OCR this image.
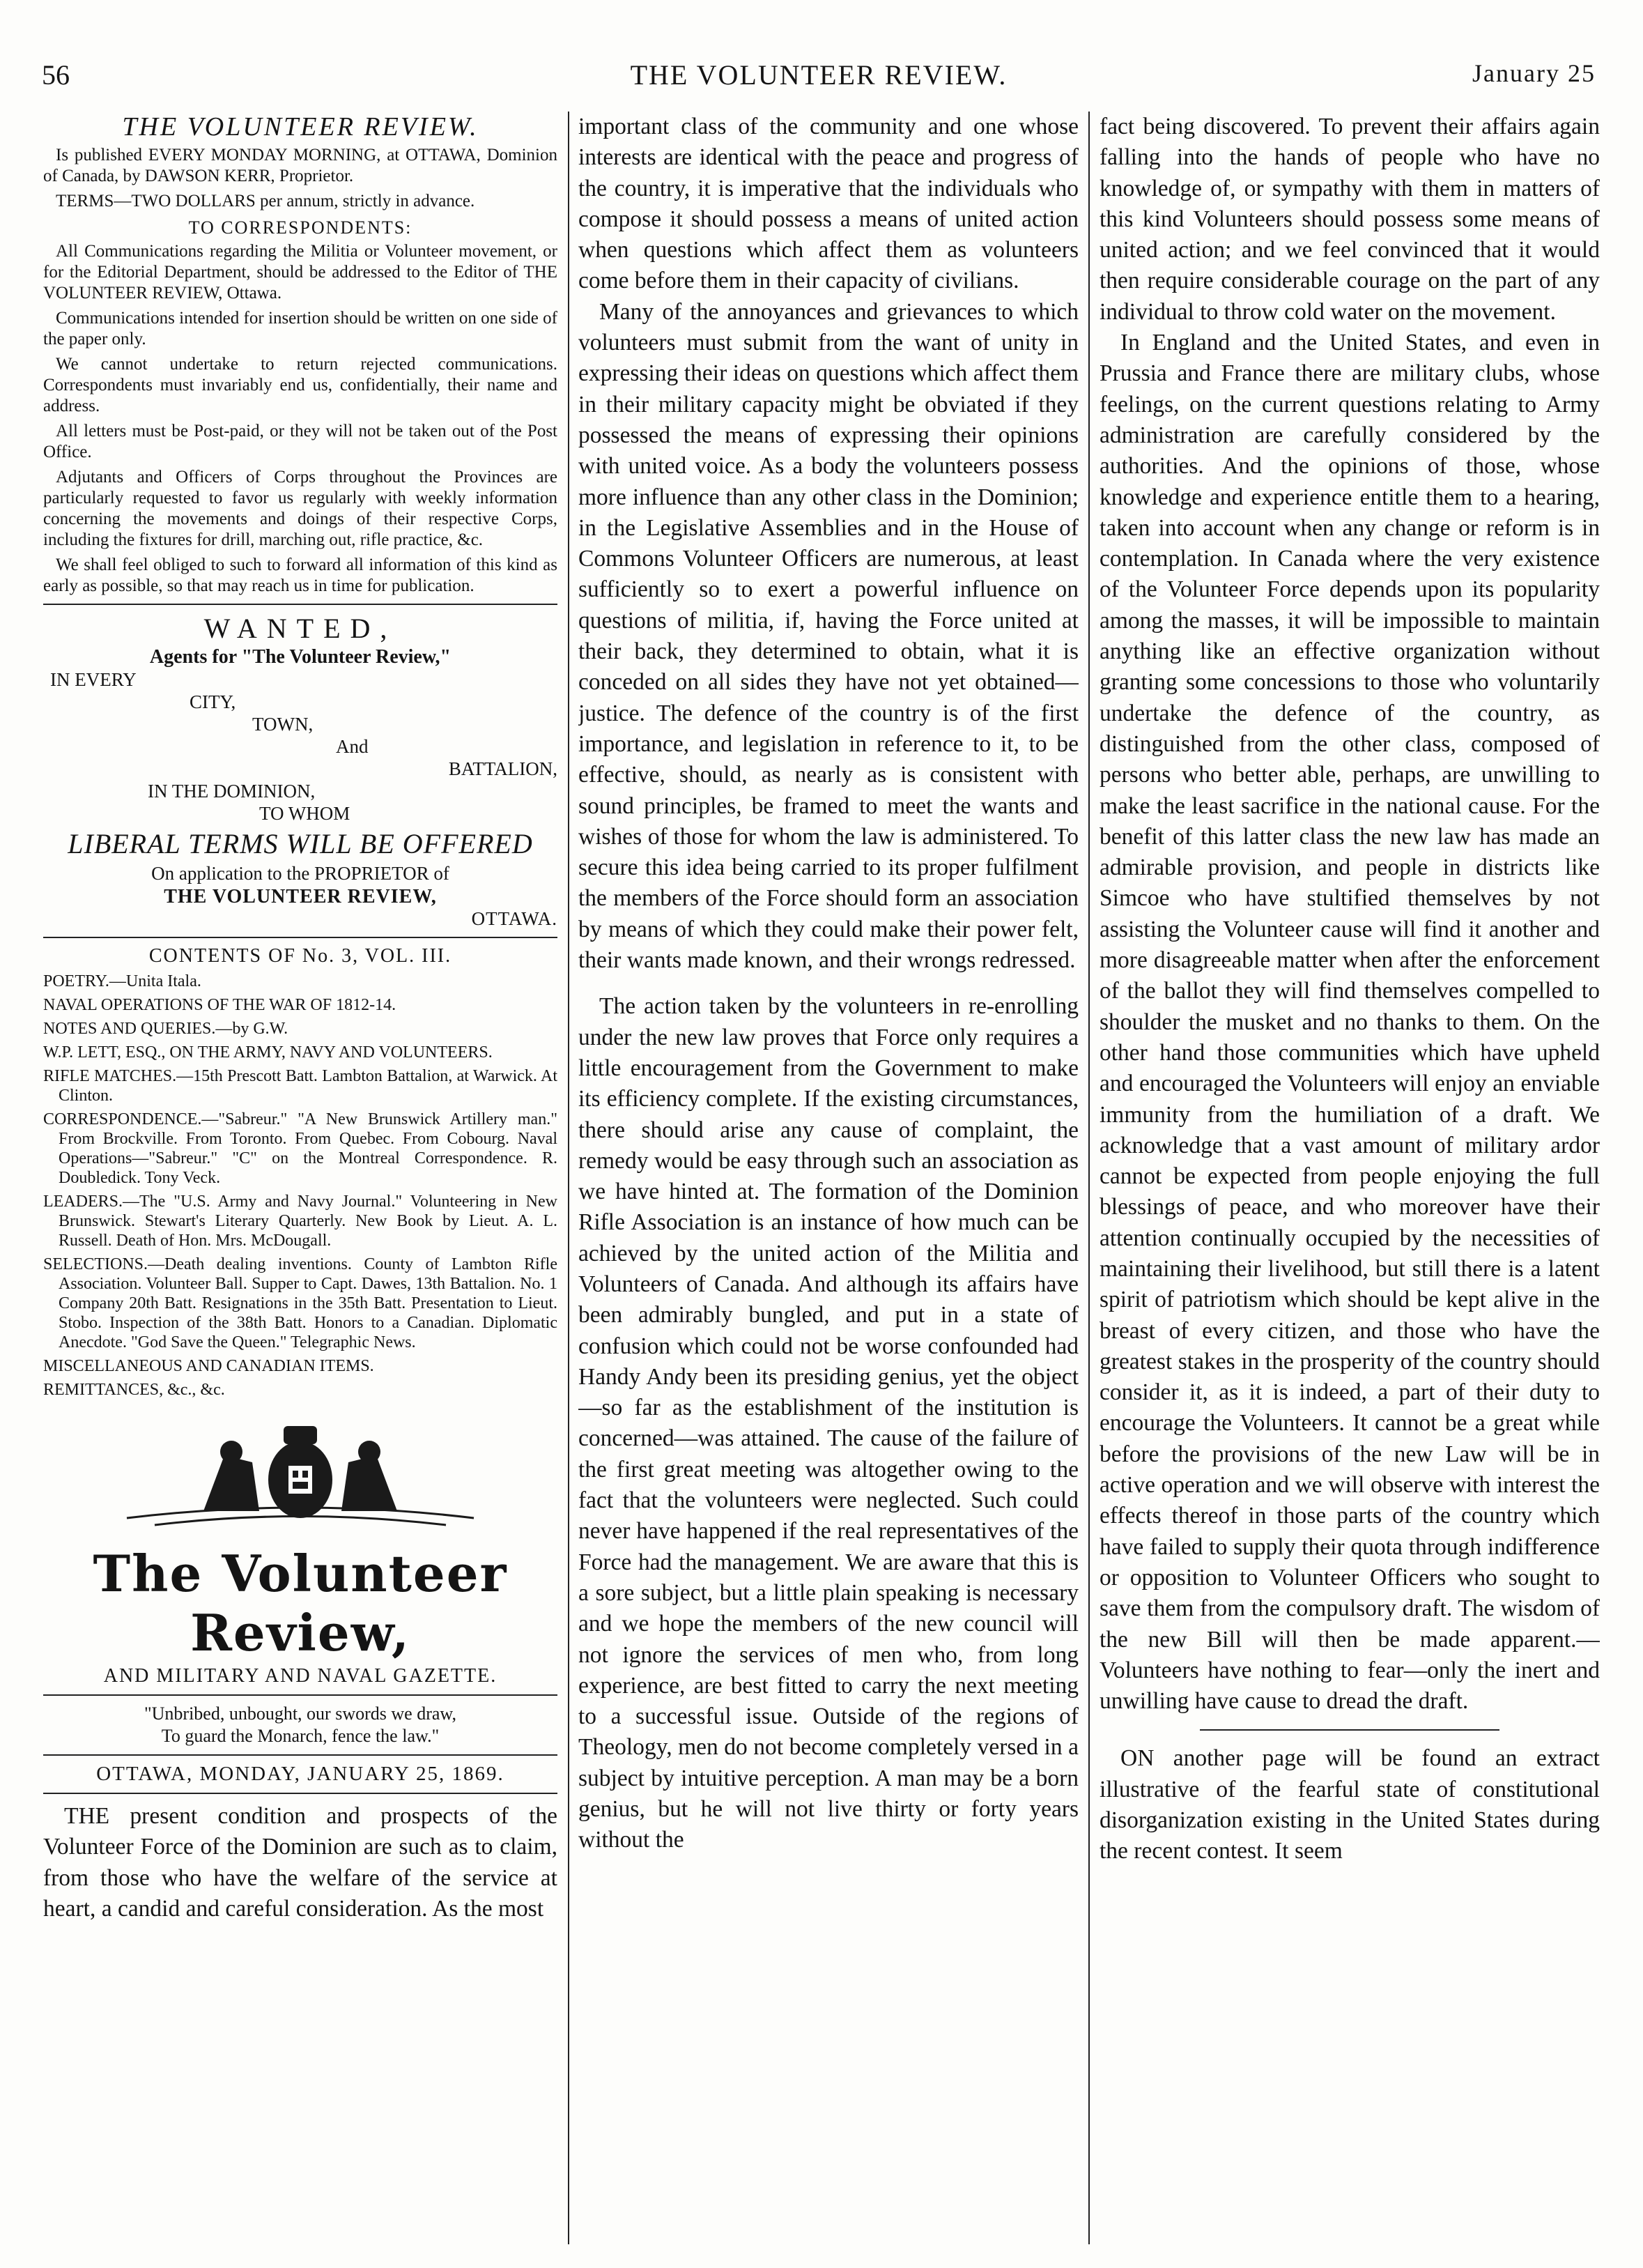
56	THE VOLUNTEER REVIEW.	January 25

THE VOLUNTEER REVIEW.

Is published EVERY MONDAY MORNING, at OTTAWA, Dominion of Canada, by DAWSON KERR, Proprietor.

TERMS—TWO DOLLARS per annum, strictly in advance.

TO CORRESPONDENTS:

All Communications regarding the Militia or Volunteer movement, or for the Editorial Department, should be addressed to the Editor of THE VOLUNTEER REVIEW, Ottawa.

Communications intended for insertion should be written on one side of the paper only.

We cannot undertake to return rejected communications. Correspondents must invariably end us, confidentially, their name and address.

All letters must be Post-paid, or they will not be taken out of the Post Office.

Adjutants and Officers of Corps throughout the Provinces are particularly requested to favor us regularly with weekly information concerning the movements and doings of their respective Corps, including the fixtures for drill, marching out, rifle practice, &c.

We shall feel obliged to such to forward all information of this kind as early as possible, so that may reach us in time for publication.

WANTED,

Agents for "The Volunteer Review,"

IN EVERY

CITY,

TOWN,

And

BATTALION,

IN THE DOMINION,

TO WHOM

LIBERAL TERMS WILL BE OFFERED

On application to the PROPRIETOR of

THE VOLUNTEER REVIEW,

OTTAWA.

CONTENTS OF No. 3, VOL. III.

POETRY.—Unita Itala.

NAVAL OPERATIONS OF THE WAR OF 1812-14.

NOTES AND QUERIES.—by G.W.

W.P. LETT, ESQ., ON THE ARMY, NAVY AND VOLUNTEERS.

RIFLE MATCHES.—15th Prescott Batt. Lambton Battalion, at Warwick. At Clinton.

CORRESPONDENCE.—"Sabreur." "A New Brunswick Artillery man." From Brockville. From Toronto. From Quebec. From Cobourg. Naval Operations—"Sabreur." "C" on the Montreal Correspondence. R. Doubledick. Tony Veck.

LEADERS.—The "U.S. Army and Navy Journal." Volunteering in New Brunswick. Stewart's Literary Quarterly. New Book by Lieut. A. L. Russell. Death of Hon. Mrs. McDougall.

SELECTIONS.—Death dealing inventions. County of Lambton Rifle Association. Volunteer Ball. Supper to Capt. Dawes, 13th Battalion. No. 1 Company 20th Batt. Resignations in the 35th Batt. Presentation to Lieut. Stobo. Inspection of the 38th Batt. Honors to a Canadian. Diplomatic Anecdote. "God Save the Queen." Telegraphic News.

MISCELLANEOUS AND CANADIAN ITEMS.

REMITTANCES, &c., &c.

The Volunteer Review,

AND MILITARY AND NAVAL GAZETTE.

"Unbribed, unbought, our swords we draw,

To guard the Monarch, fence the law."

OTTAWA, MONDAY, JANUARY 25, 1869.

THE present condition and prospects of the Volunteer Force of the Dominion are such as to claim, from those who have the welfare of the service at heart, a candid and careful consideration. As the most

important class of the community and one whose interests are identical with the peace and progress of the country, it is imperative that the individuals who compose it should possess a means of united action when questions which affect them as volunteers come before them in their capacity of civilians.

Many of the annoyances and grievances to which volunteers must submit from the want of unity in expressing their ideas on questions which affect them in their military capacity might be obviated if they possessed the means of expressing their opinions with united voice. As a body the volunteers possess more influence than any other class in the Dominion; in the Legislative Assemblies and in the House of Commons Volunteer Officers are numerous, at least sufficiently so to exert a powerful influence on questions of militia, if, having the Force united at their back, they determined to obtain, what it is conceded on all sides they have not yet obtained—justice. The defence of the country is of the first importance, and legislation in reference to it, to be effective, should, as nearly as is consistent with sound principles, be framed to meet the wants and wishes of those for whom the law is administered. To secure this idea being carried to its proper fulfilment the members of the Force should form an association by means of which they could make their power felt, their wants made known, and their wrongs redressed.

The action taken by the volunteers in re-enrolling under the new law proves that Force only requires a little encouragement from the Government to make its efficiency complete. If the existing circumstances, there should arise any cause of complaint, the remedy would be easy through such an association as we have hinted at. The formation of the Dominion Rifle Association is an instance of how much can be achieved by the united action of the Militia and Volunteers of Canada. And although its affairs have been admirably bungled, and put in a state of confusion which could not be worse confounded had Handy Andy been its presiding genius, yet the object—so far as the establishment of the institution is concerned—was attained. The cause of the failure of the first great meeting was altogether owing to the fact that the volunteers were neglected. Such could never have happened if the real representatives of the Force had the management. We are aware that this is a sore subject, but a little plain speaking is necessary and we hope the members of the new council will not ignore the services of men who, from long experience, are best fitted to carry the next meeting to a successful issue. Outside of the regions of Theology, men do not become completely versed in a subject by intuitive perception. A man may be a born genius, but he will not live thirty or forty years without the

fact being discovered. To prevent their affairs again falling into the hands of people who have no knowledge of, or sympathy with them in matters of this kind Volunteers should possess some means of united action; and we feel convinced that it would then require considerable courage on the part of any individual to throw cold water on the movement.

In England and the United States, and even in Prussia and France there are military clubs, whose feelings, on the current questions relating to Army administration are carefully considered by the authorities. And the opinions of those, whose knowledge and experience entitle them to a hearing, taken into account when any change or reform is in contemplation. In Canada where the very existence of the Volunteer Force depends upon its popularity among the masses, it will be impossible to maintain anything like an effective organization without granting some concessions to those who voluntarily undertake the defence of the country, as distinguished from the other class, composed of persons who better able, perhaps, are unwilling to make the least sacrifice in the national cause. For the benefit of this latter class the new law has made an admirable provision, and people in districts like Simcoe who have stultified themselves by not assisting the Volunteer cause will find it another and more disagreeable matter when after the enforcement of the ballot they will find themselves compelled to shoulder the musket and no thanks to them. On the other hand those communities which have upheld and encouraged the Volunteers will enjoy an enviable immunity from the humiliation of a draft. We acknowledge that a vast amount of military ardor cannot be expected from people enjoying the full blessings of peace, and who moreover have their attention continually occupied by the necessities of maintaining their livelihood, but still there is a latent spirit of patriotism which should be kept alive in the breast of every citizen, and those who have the greatest stakes in the prosperity of the country should consider it, as it is indeed, a part of their duty to encourage the Volunteers. It cannot be a great while before the provisions of the new Law will be in active operation and we will observe with interest the effects thereof in those parts of the country which have failed to supply their quota through indifference or opposition to Volunteer Officers who sought to save them from the compulsory draft. The wisdom of the new Bill will then be made apparent.—Volunteers have nothing to fear—only the inert and unwilling have cause to dread the draft.

ON another page will be found an extract illustrative of the fearful state of constitutional disorganization existing in the United States during the recent contest. It seem
